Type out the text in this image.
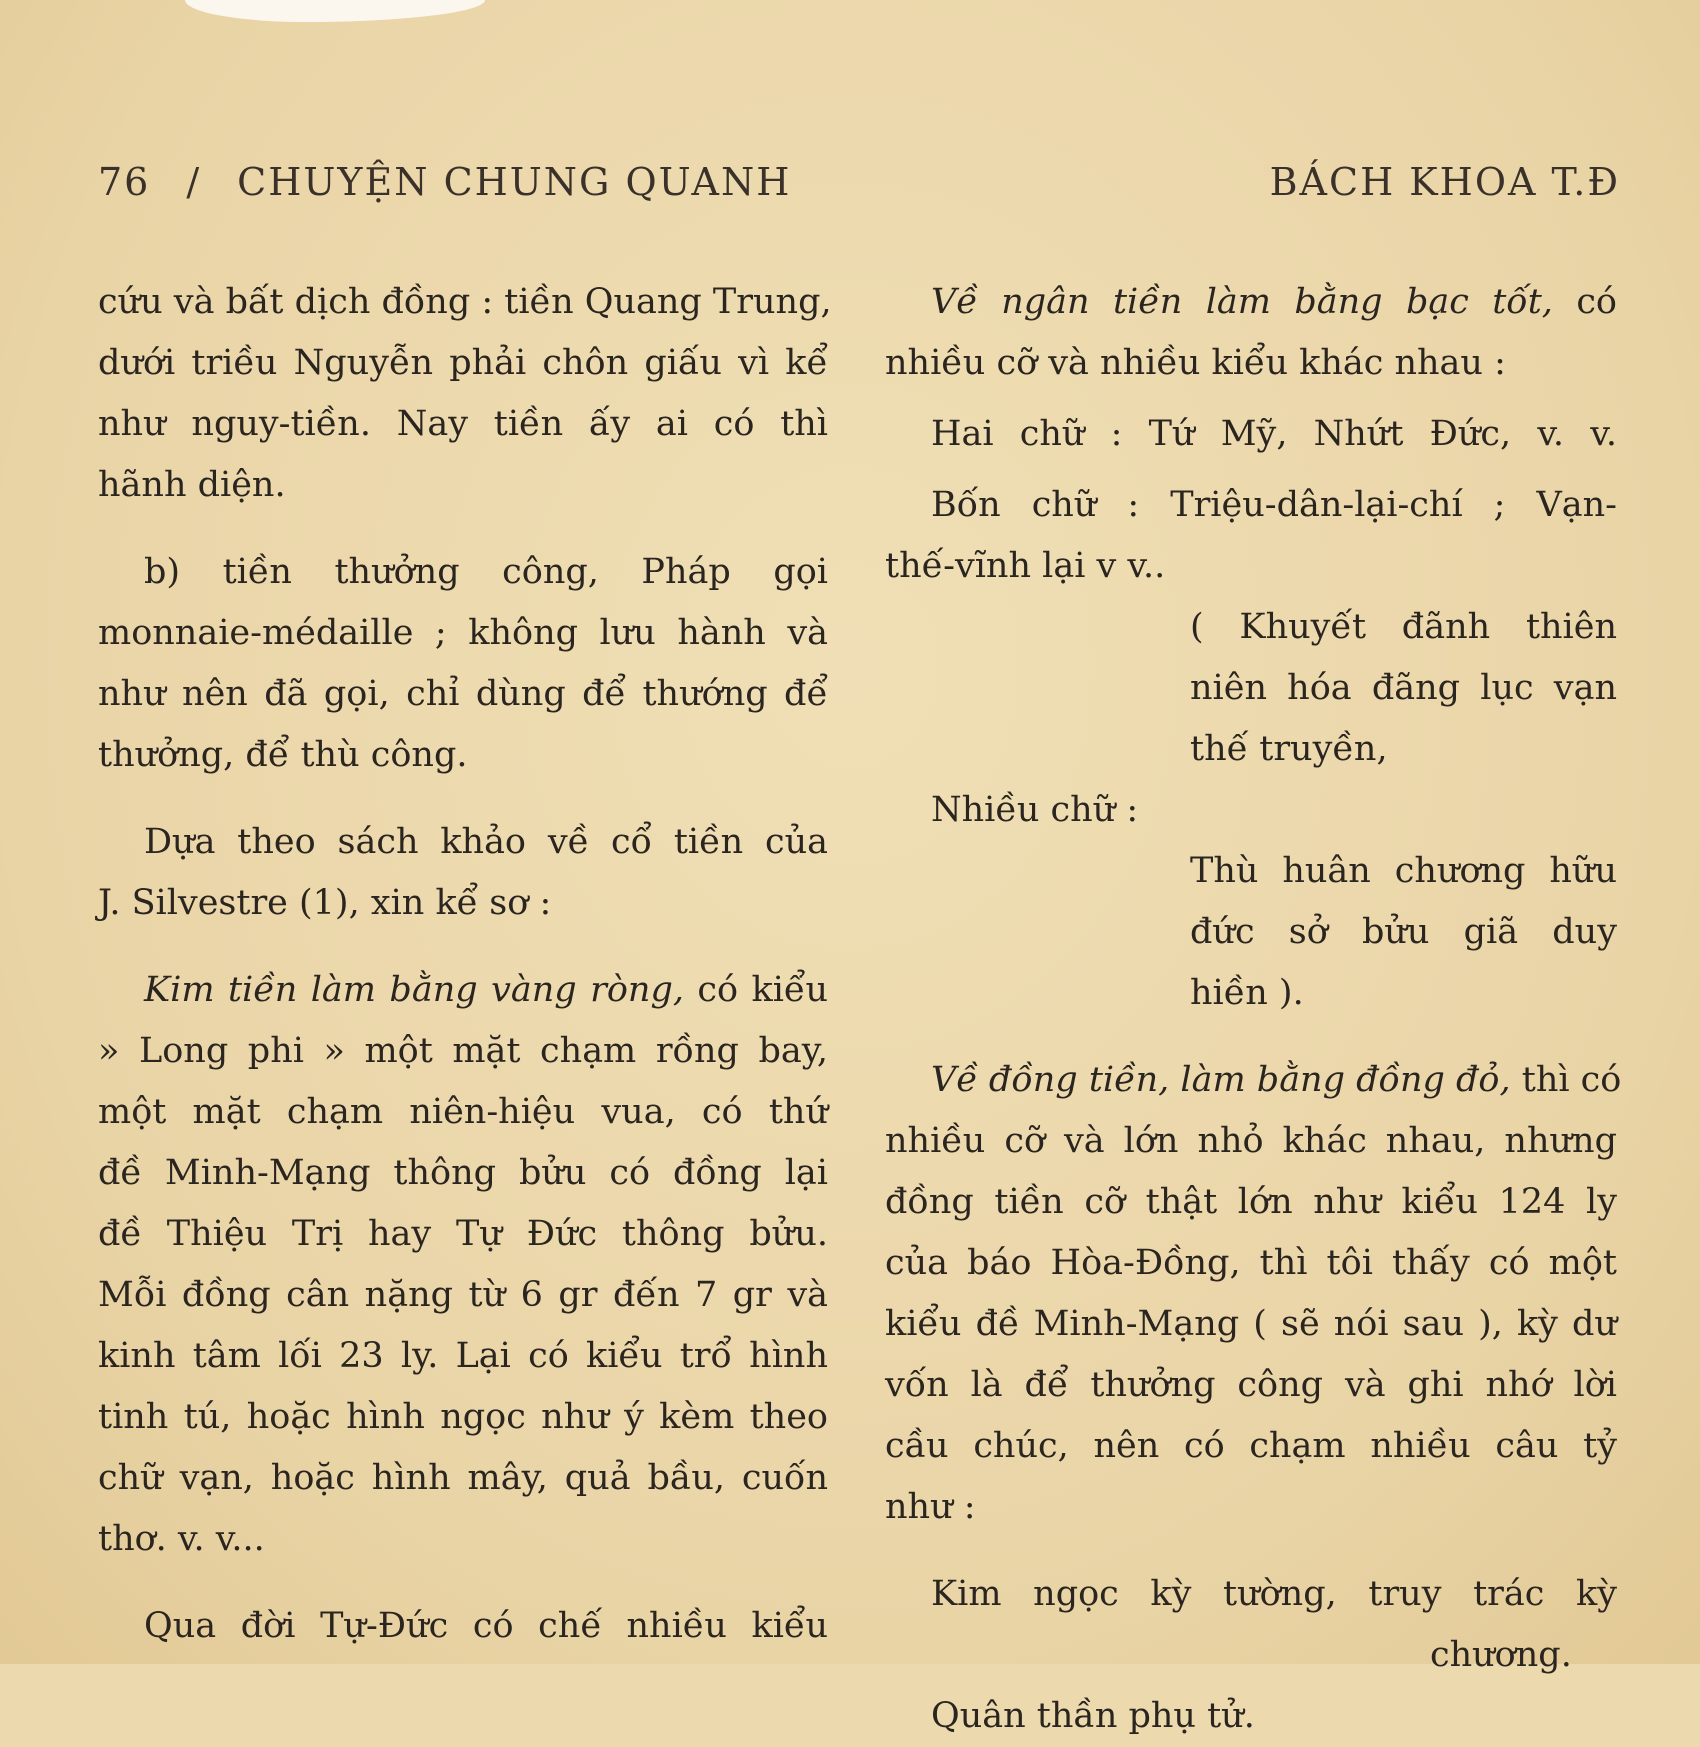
76 / CHUYỆN CHUNG QUANH	BÁCH KHOA T.Đ
cứu và bất dịch đồng : tiền Quang Trung,
dưới triều Nguyễn phải chôn giấu vì kể
như nguy-tiền. Nay tiền ấy ai có thì
hãnh diện.
b) tiền thưởng công, Pháp gọi
monnaie-médaille ; không lưu hành và
như nên đã gọi, chỉ dùng để thướng để
thưởng, để thù công.
Dựa theo sách khảo về cổ tiền của
J. Silvestre (1), xin kể sơ :
Kim tiền làm bằng vàng ròng, có kiểu
» Long phi » một mặt chạm rồng bay,
một mặt chạm niên-hiệu vua, có thứ
đề Minh-Mạng thông bửu có đồng lại
đề Thiệu Trị hay Tự Đức thông bửu.
Mỗi đồng cân nặng từ 6 gr đến 7 gr và
kinh tâm lối 23 ly. Lại có kiểu trổ hình
tinh tú, hoặc hình ngọc như ý kèm theo
chữ vạn, hoặc hình mây, quả bầu, cuốn
thơ. v. v...
Qua đời Tự-Đức có chế nhiều kiểu
Về ngân tiền làm bằng bạc tốt, có
nhiều cỡ và nhiều kiểu khác nhau :
Hai chữ : Tứ Mỹ, Nhứt Đức, v. v.
Bốn chữ : Triệu-dân-lại-chí ; Vạn-
thế-vĩnh lại v v..
( Khuyết đãnh thiên
niên hóa đãng lục vạn
thế truyền,
Nhiều chữ :
Thù huân chương hữu
đức sở bửu giã duy
hiền ).
Về đồng tiền, làm bằng đồng đỏ, thì có
nhiều cỡ và lớn nhỏ khác nhau, nhưng
đồng tiền cỡ thật lớn như kiểu 124 ly
của báo Hòa-Đồng, thì tôi thấy có một
kiểu đề Minh-Mạng ( sẽ nói sau ), kỳ dư
vốn là để thưởng công và ghi nhớ lời
cầu chúc, nên có chạm nhiều câu tỷ
như :
Kim ngọc kỳ tường, truy trác kỳ
chương.
Quân thần phụ tử.
